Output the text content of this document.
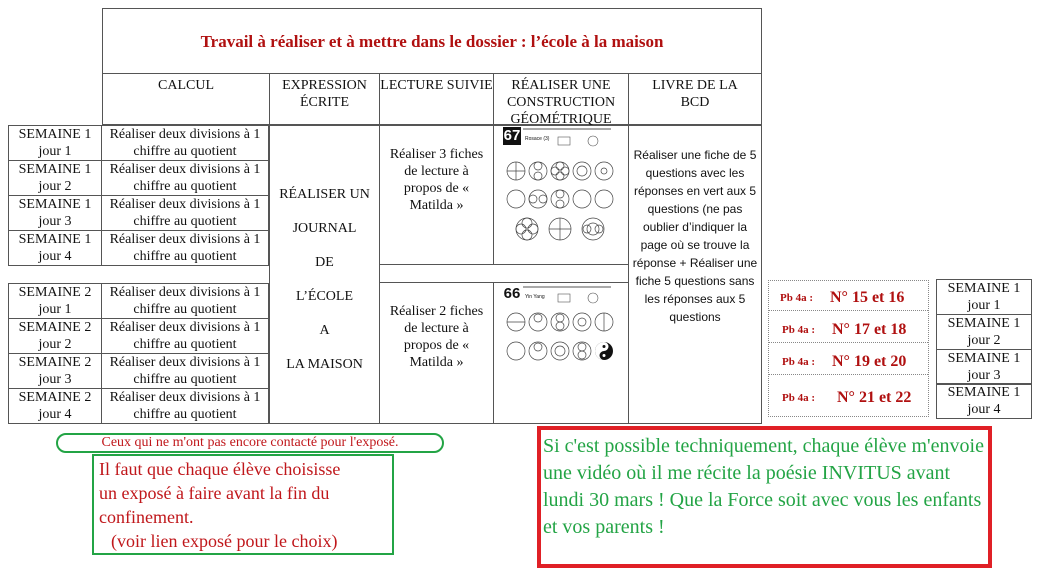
Travail à réaliser et à mettre dans le dossier : l’école à la maison
CALCUL	EXPRESSION ÉCRITE
LECTURE SUIVIE	RÉALISER UNE CONSTRUCTION GÉOMÉTRIQUE
LIVRE DE LA BCD
SEMAINE 1 jour 1
Réaliser deux divisions à 1 chiffre au quotient
SEMAINE 1 jour 2
Réaliser deux divisions à 1 chiffre au quotient
SEMAINE 1 jour 3
Réaliser deux divisions à 1 chiffre au quotient
SEMAINE 1 jour 4
Réaliser deux divisions à 1 chiffre au quotient
SEMAINE 2 jour 1
Réaliser deux divisions à 1 chiffre au quotient
SEMAINE 2 jour 2
Réaliser deux divisions à 1 chiffre au quotient
SEMAINE 2 jour 3
Réaliser deux divisions à 1 chiffre au quotient
SEMAINE 2 jour 4
Réaliser deux divisions à 1 chiffre au quotient
RÉALISER UN
JOURNAL
DE
L’ÉCOLE
A
LA MAISON
Réaliser 3 fiches de lecture à propos de « Matilda »
Réaliser 2 fiches de lecture à propos de « Matilda »
67 Rosace (3)
66 Yin Yang
Réaliser une fiche de 5 questions avec les réponses en vert aux 5 questions (ne pas oublier d’indiquer la page où se trouve la réponse + Réaliser une fiche 5 questions sans les réponses aux 5 questions
Pb 4a : N° 15 et 16
Pb 4a : N° 17 et 18
Pb 4a : N° 19 et 20
Pb 4a : N° 21 et 22
SEMAINE 1 jour 1
SEMAINE 1 jour 2
SEMAINE 1 jour 3
SEMAINE 1 jour 4
Ceux qui ne m'ont pas encore contacté pour l'exposé.
Il faut que chaque élève choisisse
un exposé à faire avant la fin du
confinement.
(voir lien exposé pour le choix)
Si c'est possible techniquement, chaque élève m'envoie une vidéo où il me récite la poésie INVITUS avant lundi 30 mars ! Que la Force soit avec vous les enfants et vos parents !
